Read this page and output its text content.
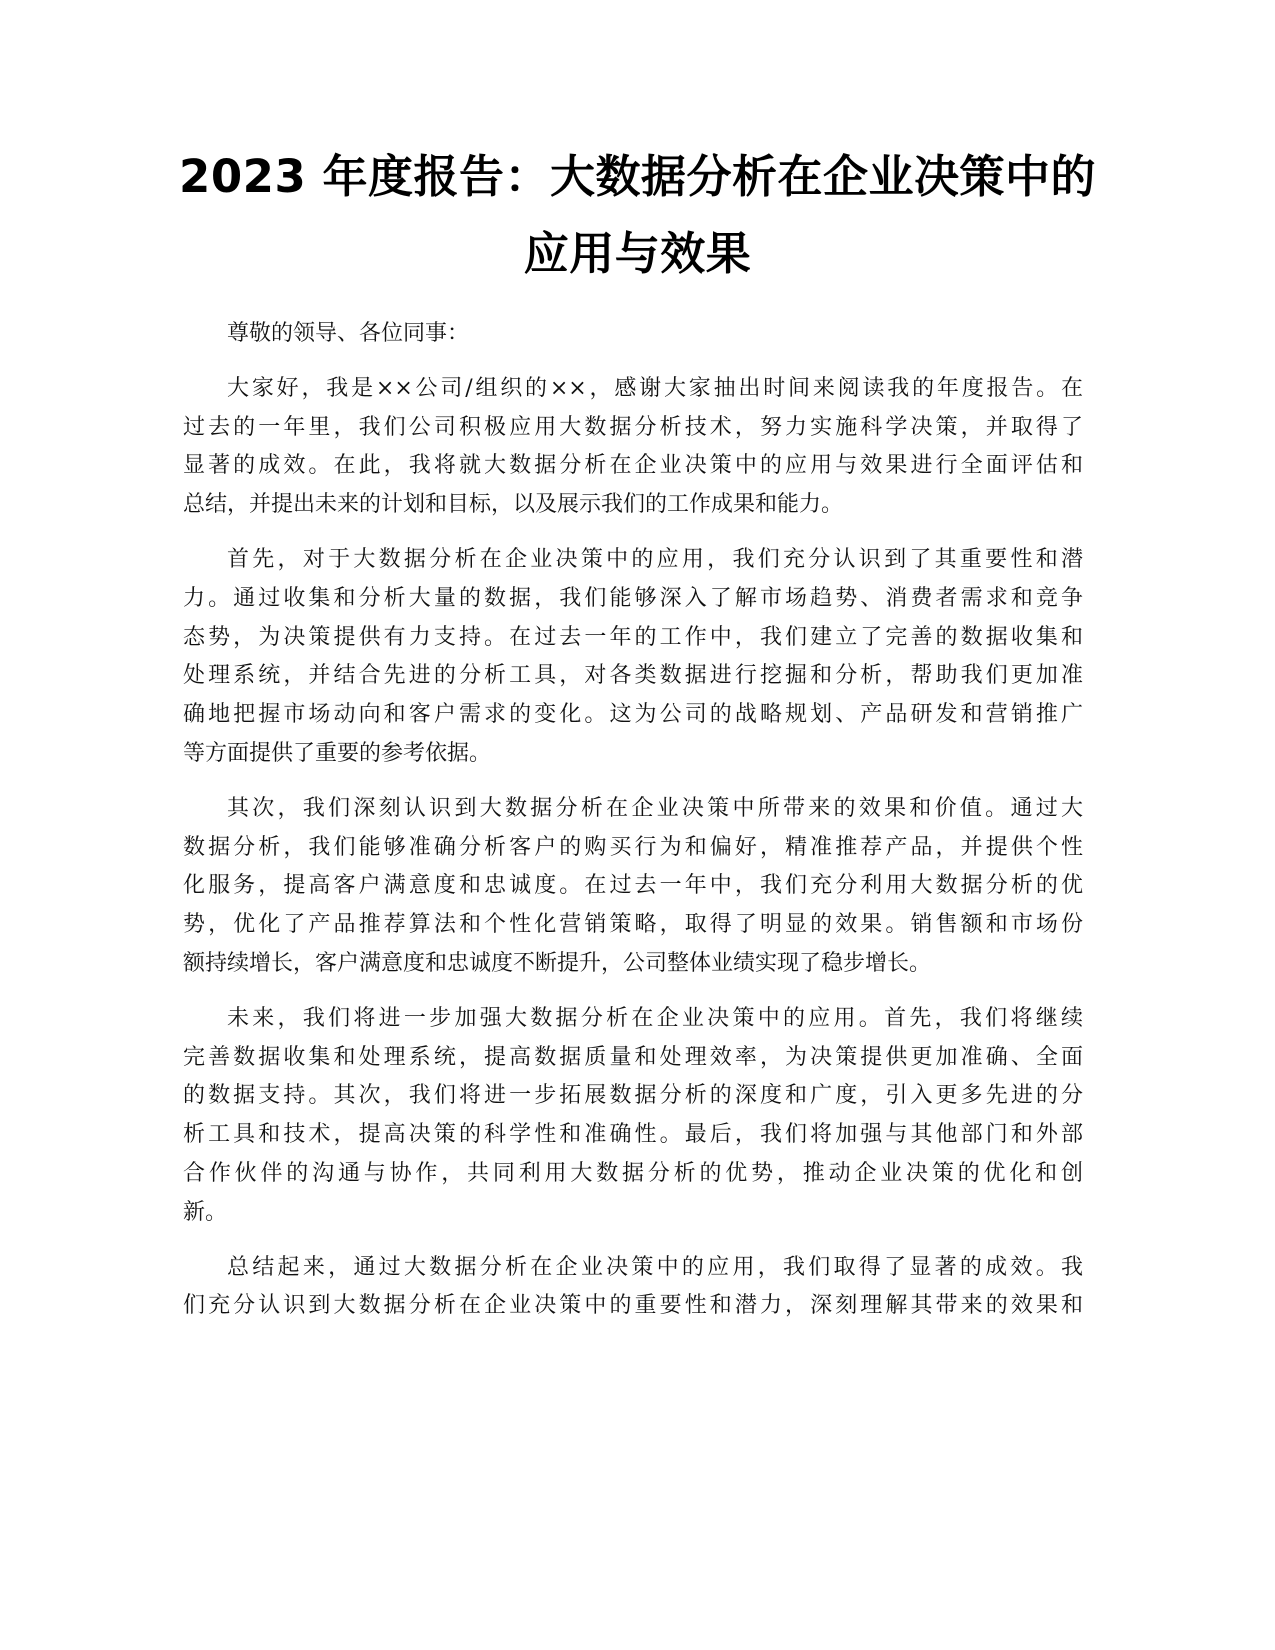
2023 年度报告：大数据分析在企业决策中的
应用与效果
尊敬的领导、各位同事：
大家好，我是××公司/组织的××，感谢大家抽出时间来阅读我的年度报告。在
过去的一年里，我们公司积极应用大数据分析技术，努力实施科学决策，并取得了
显著的成效。在此，我将就大数据分析在企业决策中的应用与效果进行全面评估和
总结，并提出未来的计划和目标，以及展示我们的工作成果和能力。
首先，对于大数据分析在企业决策中的应用，我们充分认识到了其重要性和潜
力。通过收集和分析大量的数据，我们能够深入了解市场趋势、消费者需求和竞争
态势，为决策提供有力支持。在过去一年的工作中，我们建立了完善的数据收集和
处理系统，并结合先进的分析工具，对各类数据进行挖掘和分析，帮助我们更加准
确地把握市场动向和客户需求的变化。这为公司的战略规划、产品研发和营销推广
等方面提供了重要的参考依据。
其次，我们深刻认识到大数据分析在企业决策中所带来的效果和价值。通过大
数据分析，我们能够准确分析客户的购买行为和偏好，精准推荐产品，并提供个性
化服务，提高客户满意度和忠诚度。在过去一年中，我们充分利用大数据分析的优
势，优化了产品推荐算法和个性化营销策略，取得了明显的效果。销售额和市场份
额持续增长，客户满意度和忠诚度不断提升，公司整体业绩实现了稳步增长。
未来，我们将进一步加强大数据分析在企业决策中的应用。首先，我们将继续
完善数据收集和处理系统，提高数据质量和处理效率，为决策提供更加准确、全面
的数据支持。其次，我们将进一步拓展数据分析的深度和广度，引入更多先进的分
析工具和技术，提高决策的科学性和准确性。最后，我们将加强与其他部门和外部
合作伙伴的沟通与协作，共同利用大数据分析的优势，推动企业决策的优化和创
新。
总结起来，通过大数据分析在企业决策中的应用，我们取得了显著的成效。我
们充分认识到大数据分析在企业决策中的重要性和潜力，深刻理解其带来的效果和
